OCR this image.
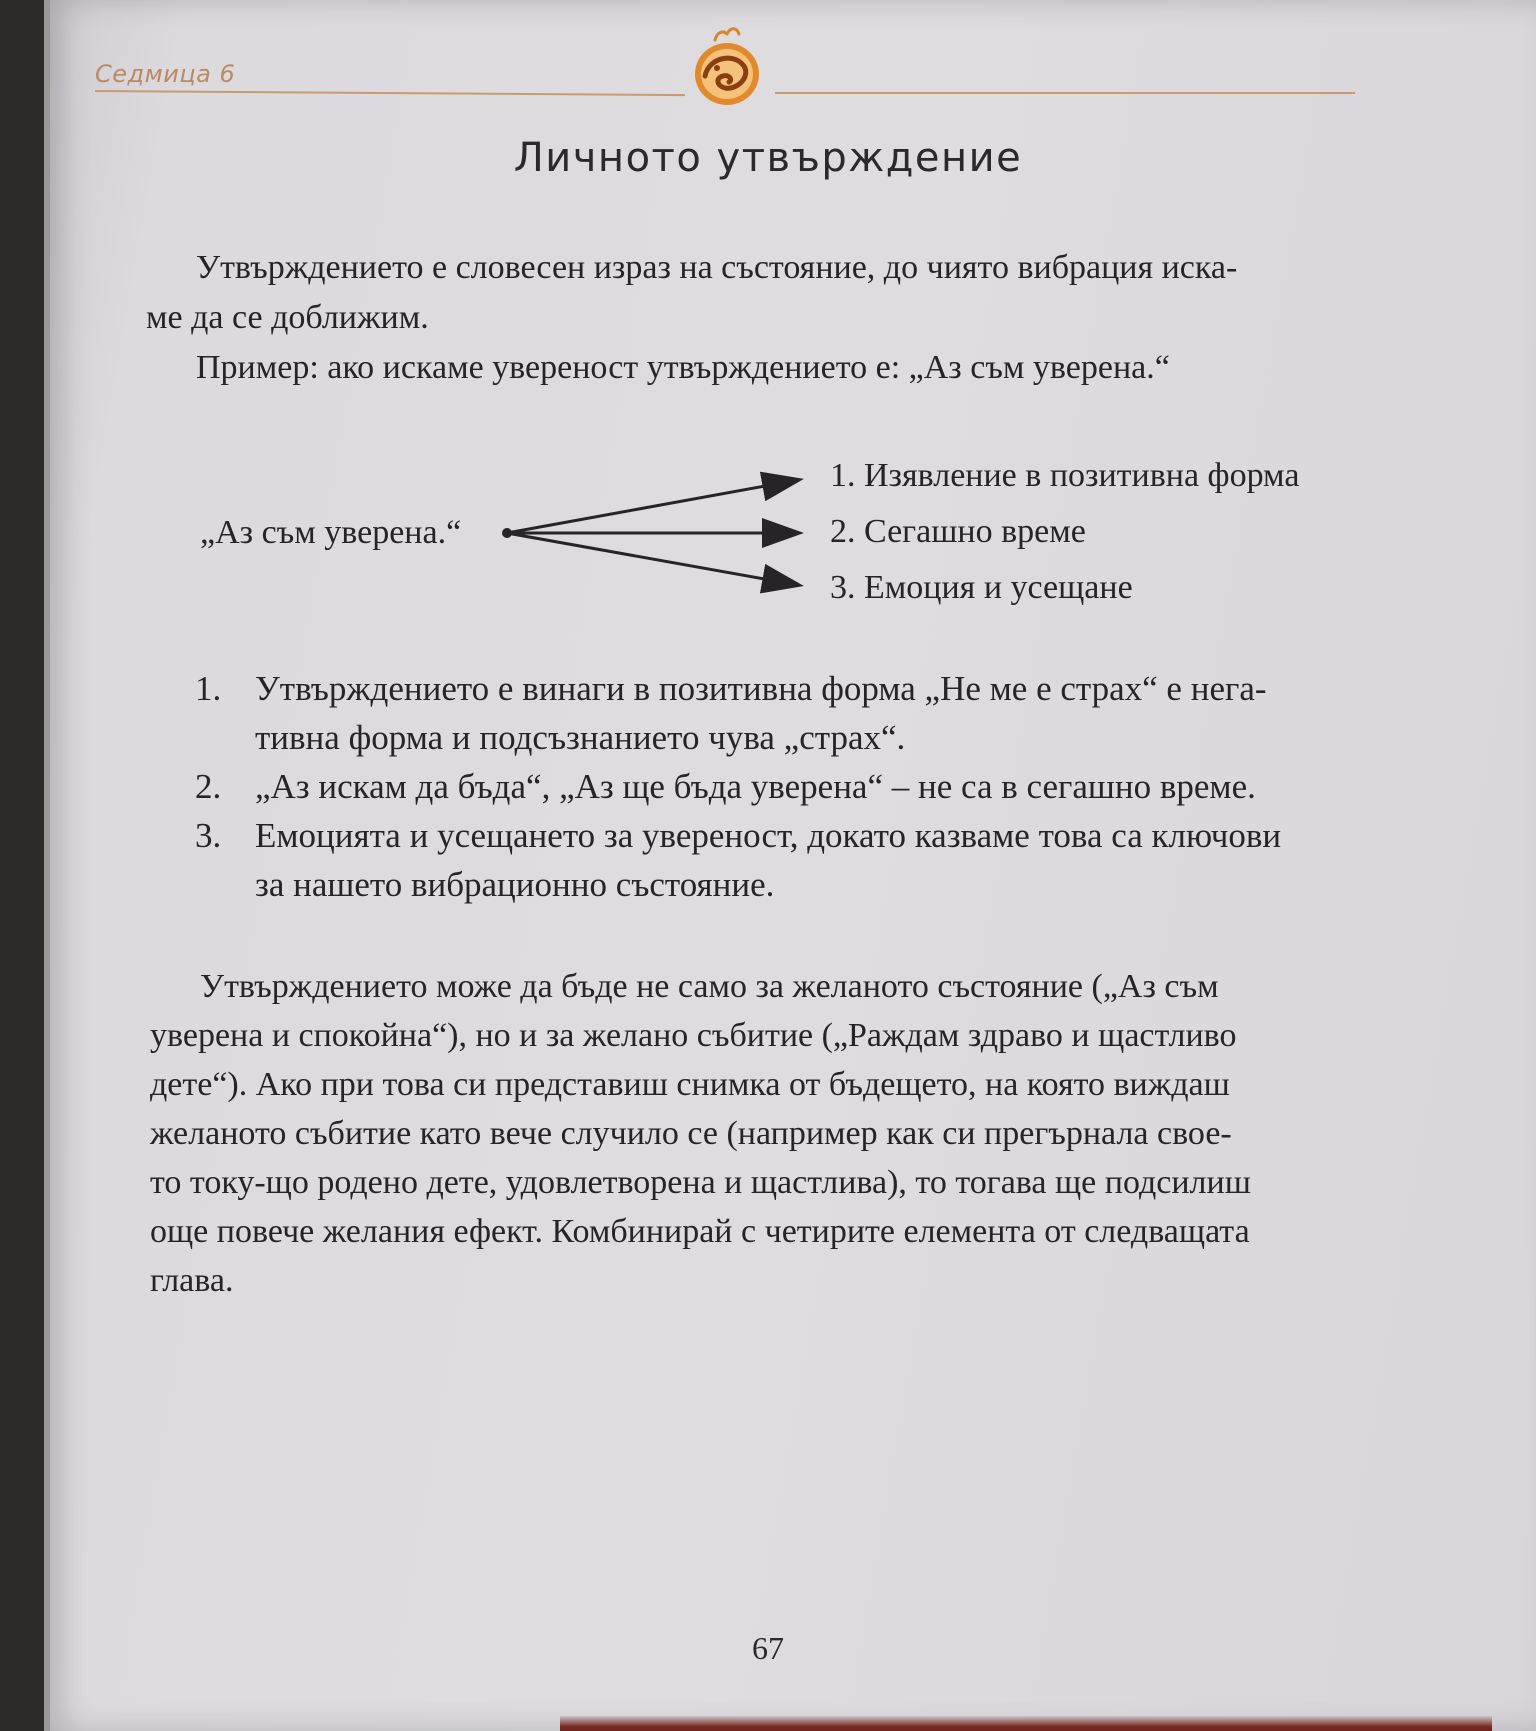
Седмица 6
Личното утвърждение
Утвърждението е словесен израз на състояние, до чиято вибрация иска-
ме да се доближим.
Пример: ако искаме увереност утвърждението е: „Аз съм уверена.“
„Аз съм уверена.“
1. Изявление в позитивна форма
2. Сегашно време
3. Емоция и усещане
1. Утвърждението е винаги в позитивна форма „Не ме е страх“ е нега-
тивна форма и подсъзнанието чува „страх“.
2. „Аз искам да бъда“, „Аз ще бъда уверена“ – не са в сегашно време.
3. Емоцията и усещането за увереност, докато казваме това са ключови
за нашето вибрационно състояние.
Утвърждението може да бъде не само за желаното състояние („Аз съм
уверена и спокойна“), но и за желано събитие („Раждам здраво и щастливо
дете“). Ако при това си представиш снимка от бъдещето, на която виждаш
желаното събитие като вече случило се (например как си прегърнала свое-
то току-що родено дете, удовлетворена и щастлива), то тогава ще подсилиш
още повече желания ефект. Комбинирай с четирите елемента от следващата
глава.
67
